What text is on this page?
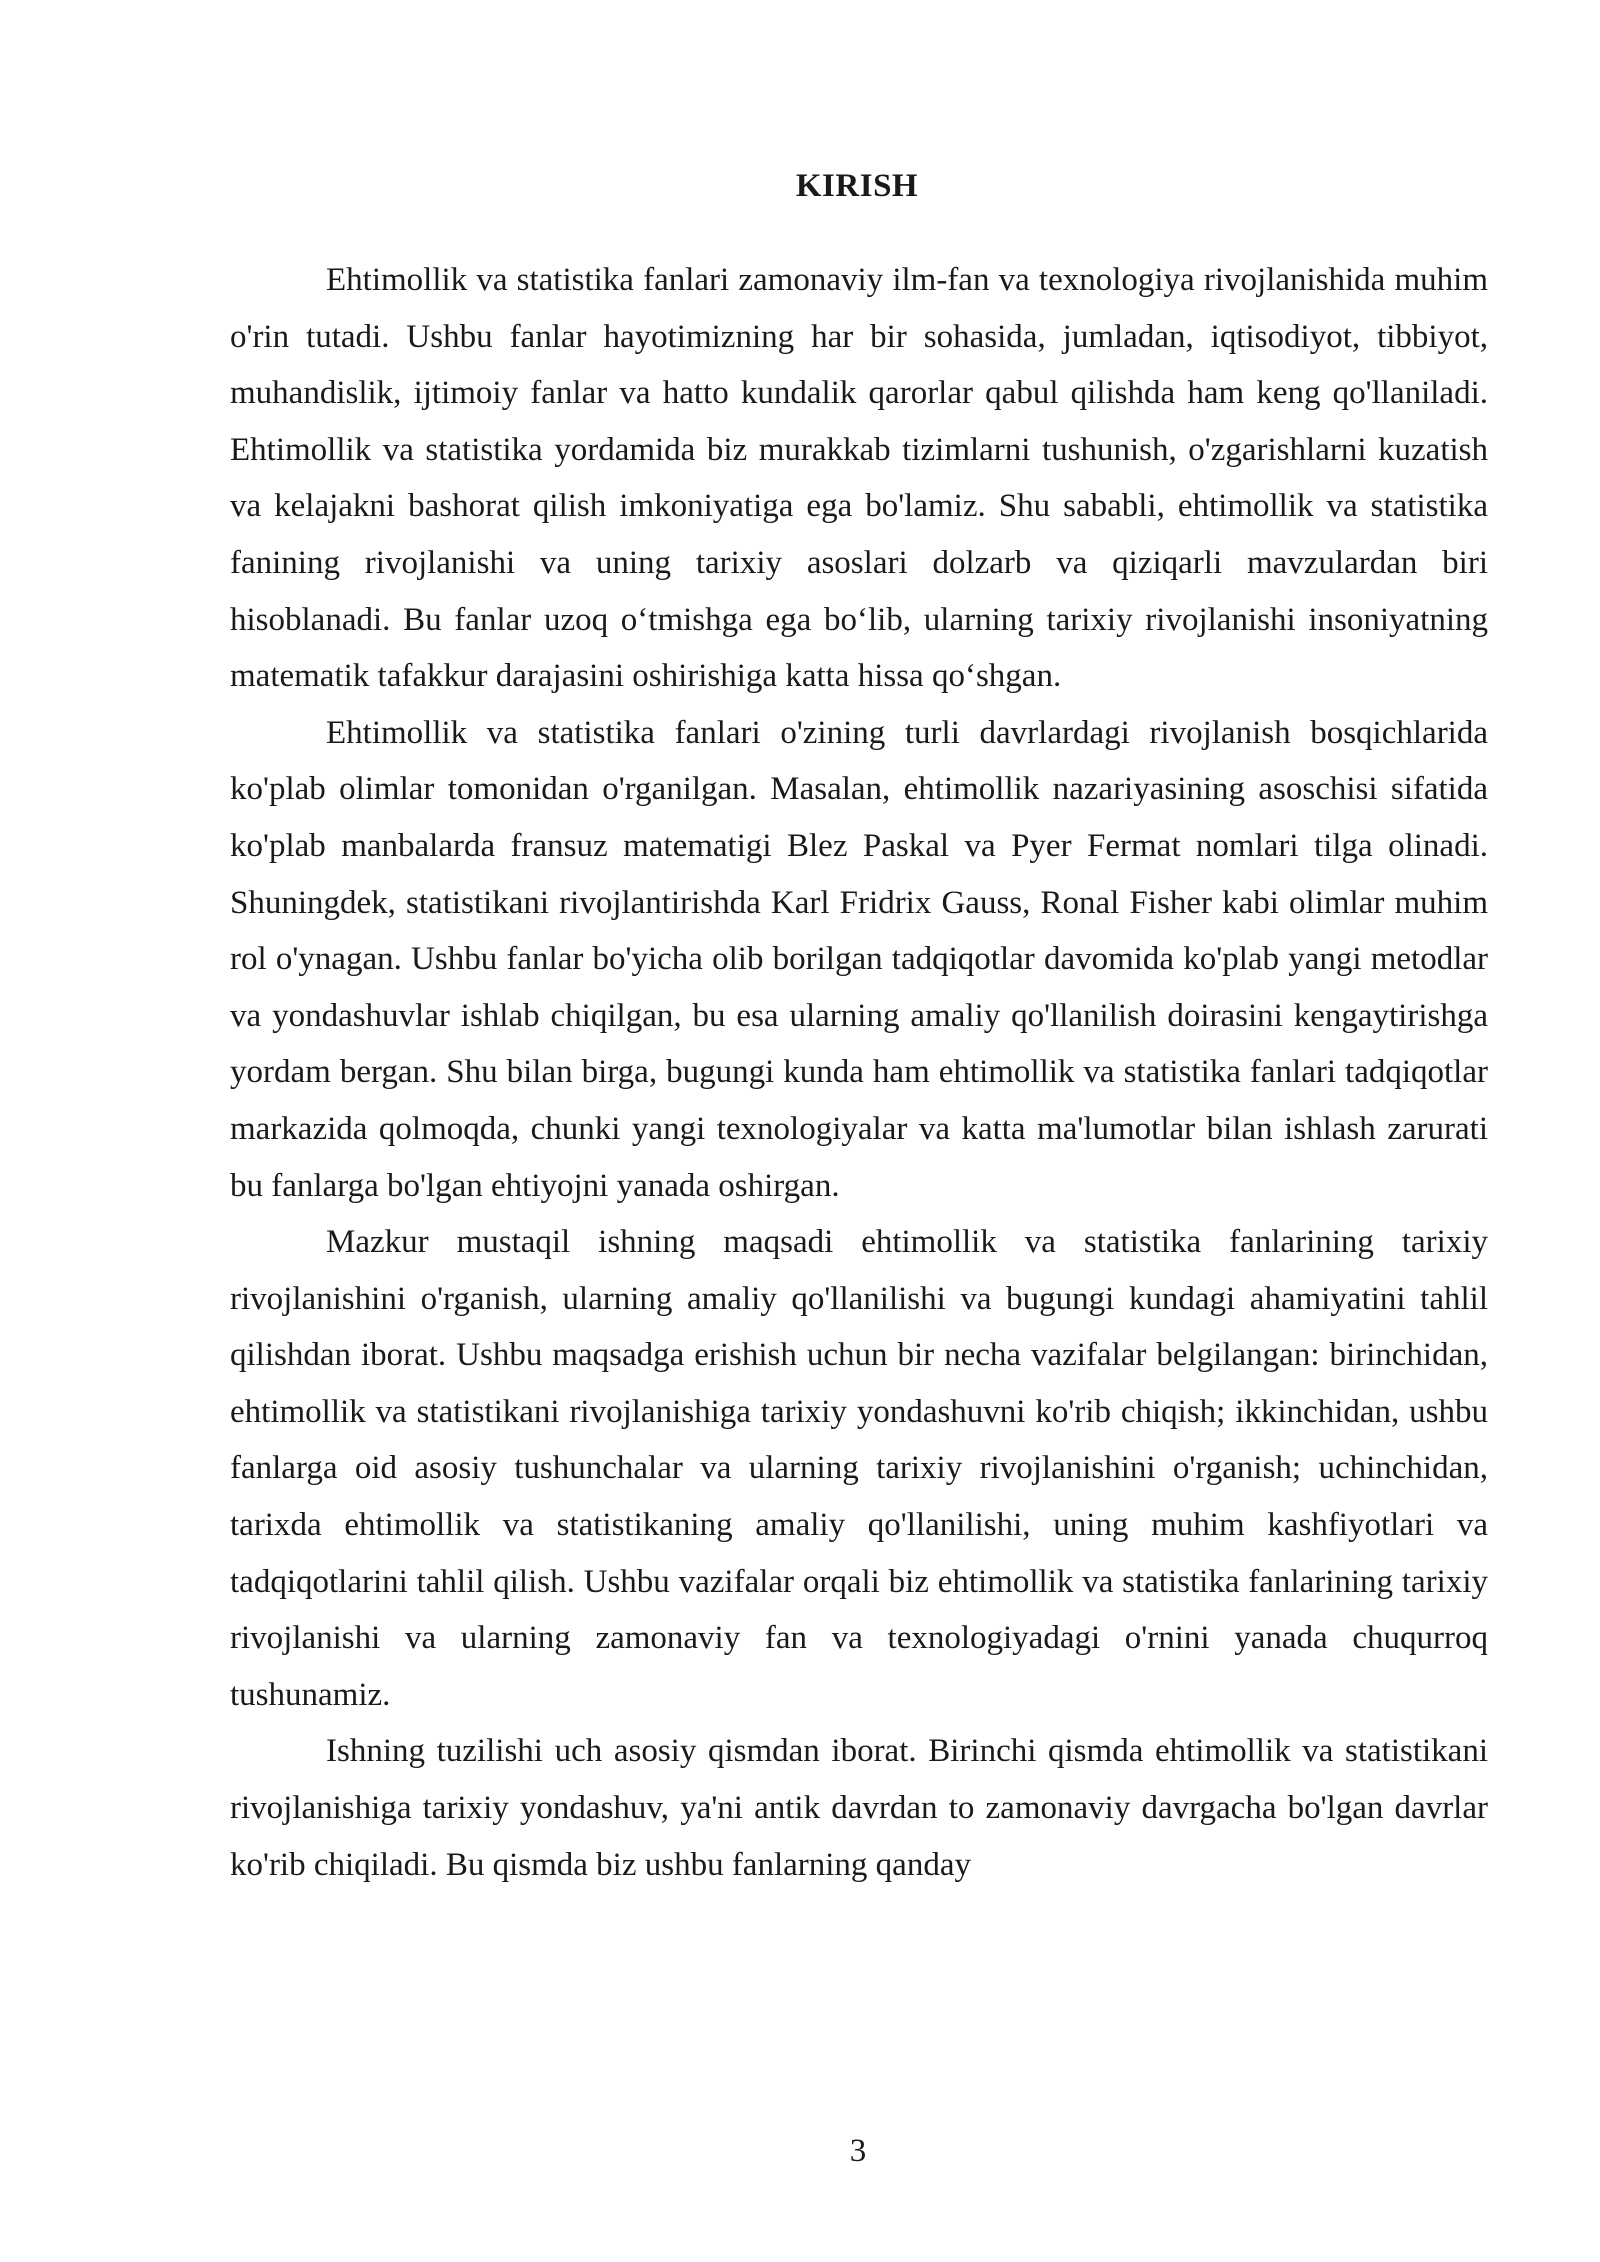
KIRISH

Ehtimollik va statistika fanlari zamonaviy ilm-fan va texnologiya rivojlanishida muhim o'rin tutadi. Ushbu fanlar hayotimizning har bir sohasida, jumladan, iqtisodiyot, tibbiyot, muhandislik, ijtimoiy fanlar va hatto kundalik qarorlar qabul qilishda ham keng qo'llaniladi. Ehtimollik va statistika yordamida biz murakkab tizimlarni tushunish, o'zgarishlarni kuzatish va kelajakni bashorat qilish imkoniyatiga ega bo'lamiz. Shu sababli, ehtimollik va statistika fanining rivojlanishi va uning tarixiy asoslari dolzarb va qiziqarli mavzulardan biri hisoblanadi. Bu fanlar uzoq o‘tmishga ega bo‘lib, ularning tarixiy rivojlanishi insoniyatning matematik tafakkur darajasini oshirishiga katta hissa qo‘shgan.

Ehtimollik va statistika fanlari o'zining turli davrlardagi rivojlanish bosqichlarida ko'plab olimlar tomonidan o'rganilgan. Masalan, ehtimollik nazariyasining asoschisi sifatida ko'plab manbalarda fransuz matematigi Blez Paskal va Pyer Fermat nomlari tilga olinadi. Shuningdek, statistikani rivojlantirishda Karl Fridrix Gauss, Ronal Fisher kabi olimlar muhim rol o'ynagan. Ushbu fanlar bo'yicha olib borilgan tadqiqotlar davomida ko'plab yangi metodlar va yondashuvlar ishlab chiqilgan, bu esa ularning amaliy qo'llanilish doirasini kengaytirishga yordam bergan. Shu bilan birga, bugungi kunda ham ehtimollik va statistika fanlari tadqiqotlar markazida qolmoqda, chunki yangi texnologiyalar va katta ma'lumotlar bilan ishlash zarurati bu fanlarga bo'lgan ehtiyojni yanada oshirgan.

Mazkur mustaqil ishning maqsadi ehtimollik va statistika fanlarining tarixiy rivojlanishini o'rganish, ularning amaliy qo'llanilishi va bugungi kundagi ahamiyatini tahlil qilishdan iborat. Ushbu maqsadga erishish uchun bir necha vazifalar belgilangan: birinchidan, ehtimollik va statistikani rivojlanishiga tarixiy yondashuvni ko'rib chiqish; ikkinchidan, ushbu fanlarga oid asosiy tushunchalar va ularning tarixiy rivojlanishini o'rganish; uchinchidan, tarixda ehtimollik va statistikaning amaliy qo'llanilishi, uning muhim kashfiyotlari va tadqiqotlarini tahlil qilish. Ushbu vazifalar orqali biz ehtimollik va statistika fanlarining tarixiy rivojlanishi va ularning zamonaviy fan va texnologiyadagi o'rnini yanada chuqurroq tushunamiz.

Ishning tuzilishi uch asosiy qismdan iborat. Birinchi qismda ehtimollik va statistikani rivojlanishiga tarixiy yondashuv, ya'ni antik davrdan to zamonaviy davrgacha bo'lgan davrlar ko'rib chiqiladi. Bu qismda biz ushbu fanlarning qanday

3
